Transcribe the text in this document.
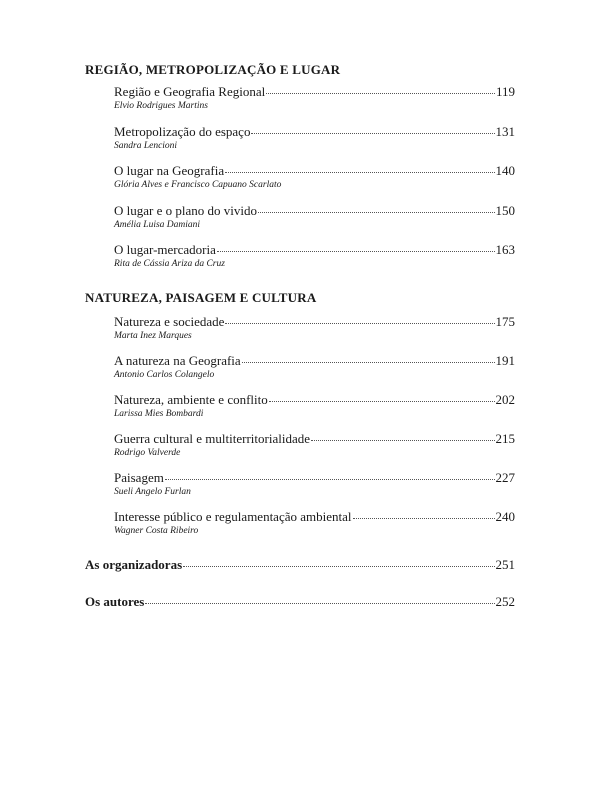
REGIÃO, METROPOLIZAÇÃO E LUGAR
Região e Geografia Regional	119
Elvio Rodrigues Martins
Metropolização do espaço	131
Sandra Lencioni
O lugar na Geografia	140
Glória Alves e Francisco Capuano Scarlato
O lugar e o plano do vivido	150
Amélia Luisa Damiani
O lugar-mercadoria	163
Rita de Cássia Ariza da Cruz
NATUREZA, PAISAGEM E CULTURA
Natureza e sociedade	175
Marta Inez Marques
A natureza na Geografia	191
Antonio Carlos Colangelo
Natureza, ambiente e conflito	202
Larissa Mies Bombardi
Guerra cultural e multiterritorialidade	215
Rodrigo Valverde
Paisagem	227
Sueli Angelo Furlan
Interesse público e regulamentação ambiental	240
Wagner Costa Ribeiro
As organizadoras	251
Os autores	252
